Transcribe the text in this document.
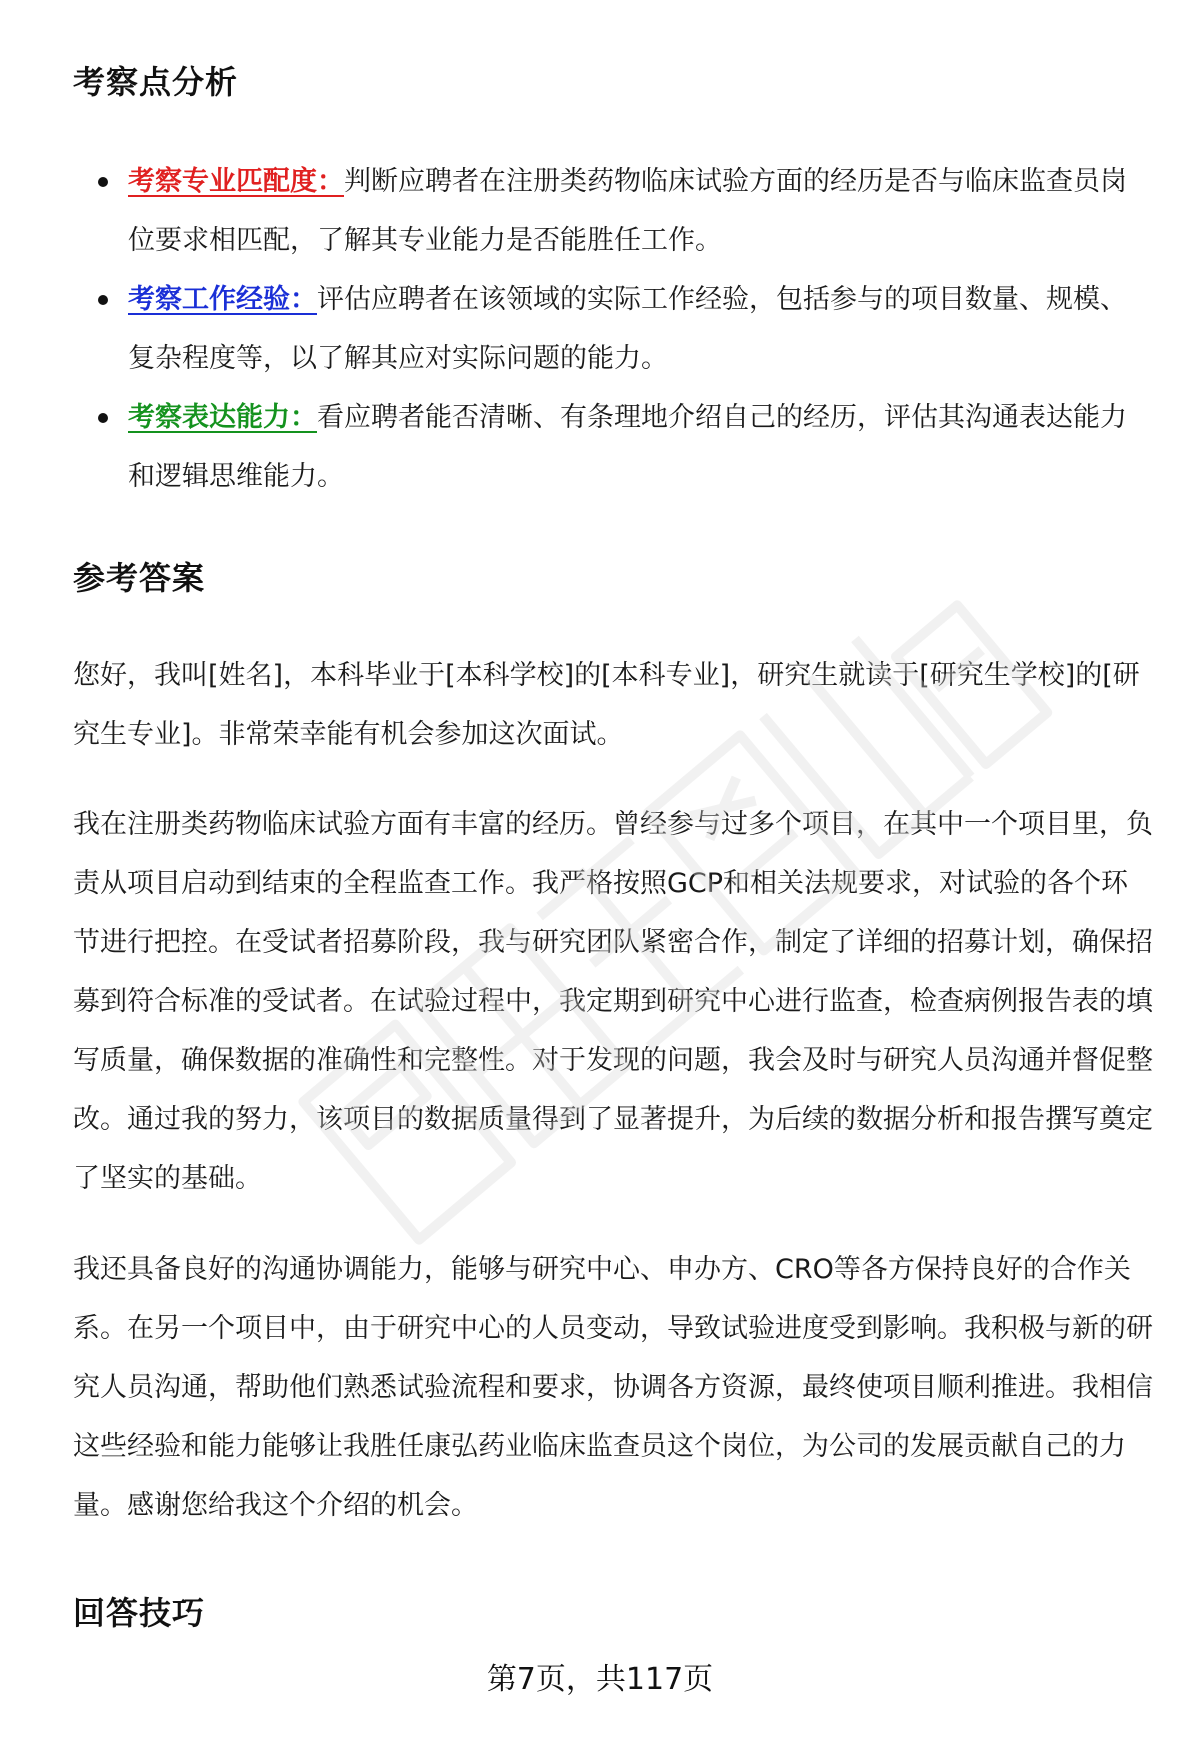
考察点分析
考察专业匹配度：判断应聘者在注册类药物临床试验方面的经历是否与临床监查员岗位要求相匹配，了解其专业能力是否能胜任工作。
考察工作经验：评估应聘者在该领域的实际工作经验，包括参与的项目数量、规模、复杂程度等，以了解其应对实际问题的能力。
考察表达能力：看应聘者能否清晰、有条理地介绍自己的经历，评估其沟通表达能力和逻辑思维能力。
参考答案

您好，我叫[姓名]，本科毕业于[本科学校]的[本科专业]，研究生就读于[研究生学校]的[研究生专业]。非常荣幸能有机会参加这次面试。

我在注册类药物临床试验方面有丰富的经历。曾经参与过多个项目，在其中一个项目里，负责从项目启动到结束的全程监查工作。我严格按照GCP和相关法规要求，对试验的各个环节进行把控。在受试者招募阶段，我与研究团队紧密合作，制定了详细的招募计划，确保招募到符合标准的受试者。在试验过程中，我定期到研究中心进行监查，检查病例报告表的填写质量，确保数据的准确性和完整性。对于发现的问题，我会及时与研究人员沟通并督促整改。通过我的努力，该项目的数据质量得到了显著提升，为后续的数据分析和报告撰写奠定了坚实的基础。

我还具备良好的沟通协调能力，能够与研究中心、申办方、CRO等各方保持良好的合作关系。在另一个项目中，由于研究中心的人员变动，导致试验进度受到影响。我积极与新的研究人员沟通，帮助他们熟悉试验流程和要求，协调各方资源，最终使项目顺利推进。我相信这些经验和能力能够让我胜任康弘药业临床监查员这个岗位，为公司的发展贡献自己的力量。感谢您给我这个介绍的机会。

回答技巧
第7页，共117页
